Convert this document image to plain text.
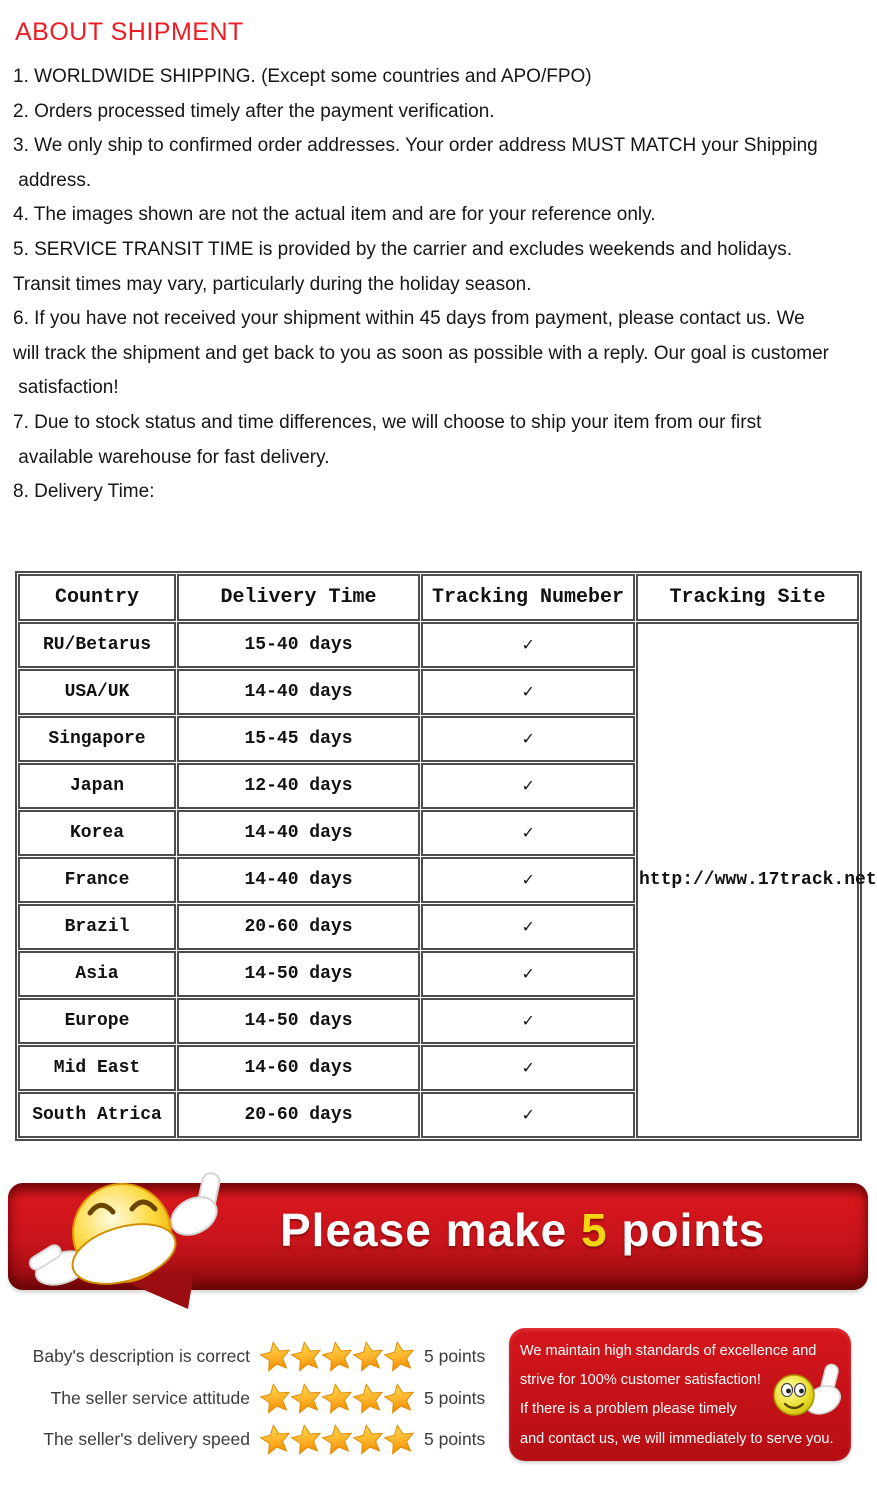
ABOUT SHIPMENT
1. WORLDWIDE SHIPPING. (Except some countries and APO/FPO)
2. Orders processed timely after the payment verification.
3. We only ship to confirmed order addresses. Your order address MUST MATCH your Shipping
address.
4. The images shown are not the actual item and are for your reference only.
5. SERVICE TRANSIT TIME is provided by the carrier and excludes weekends and holidays.
Transit times may vary, particularly during the holiday season.
6. If you have not received your shipment within 45 days from payment, please contact us. We
will track the shipment and get back to you as soon as possible with a reply. Our goal is customer
satisfaction!
7. Due to stock status and time differences, we will choose to ship your item from our first
available warehouse for fast delivery.
8. Delivery Time:
Country	Delivery Time	Tracking Numeber	Tracking Site
RU/Betarus	15-40 days	✓	http://www.17track.net
USA/UK	14-40 days	✓	
Singapore	15-45 days	✓	
Japan	12-40 days	✓	
Korea	14-40 days	✓	
France	14-40 days	✓	
Brazil	20-60 days	✓	
Asia	14-50 days	✓	
Europe	14-50 days	✓	
Mid East	14-60 days	✓	
South Atrica	20-60 days	✓	
Please make 5 points
Baby's description is correct	5 points
The seller service attitude	5 points
The seller's delivery speed	5 points
We maintain high standards of excellence and
strive for 100% customer satisfaction!
If there is a problem please timely
and contact us, we will immediately to serve you.
